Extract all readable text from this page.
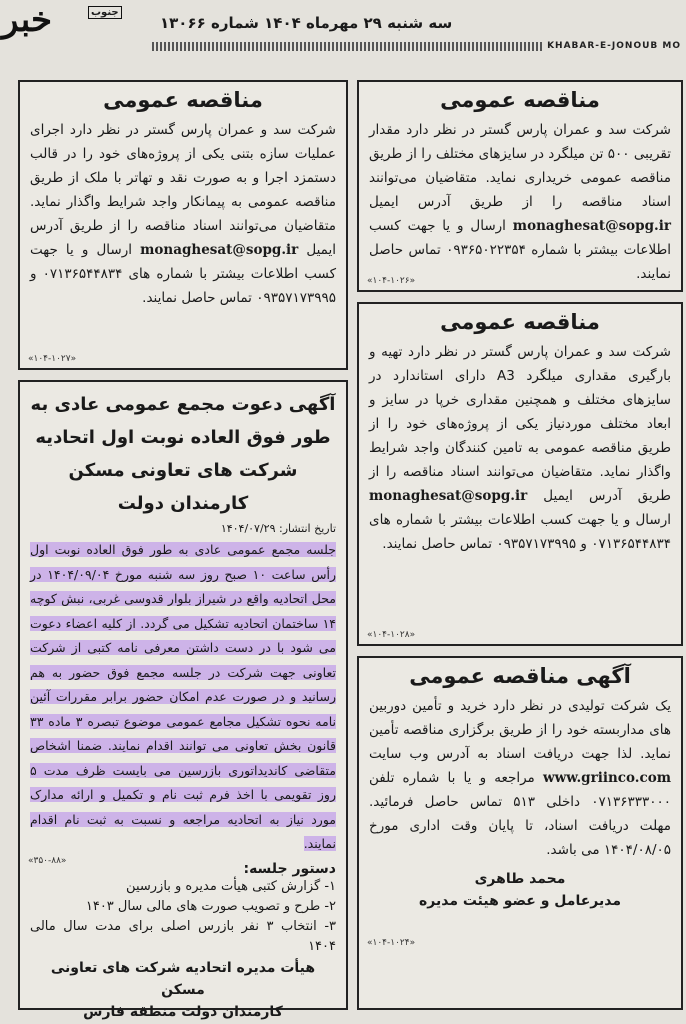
خبر	جنوب
سه شنبه ۲۹ مهرماه ۱۴۰۴ شماره ۱۳۰۶۶
KHABAR-E-JONOUB MO
مناقصه عمومی

شرکت سد و عمران پارس گستر در نظر دارد مقدار تقریبی ۵۰۰ تن میلگرد در سایزهای مختلف را از طریق مناقصه عمومی خریداری نماید. متقاضیان می‌توانند اسناد مناقصه را از طریق آدرس ایمیل monaghesat@sopg.ir ارسال و یا جهت کسب اطلاعات بیشتر با شماره ۰۹۳۶۵۰۲۲۳۵۴ تماس حاصل نمایند.

«۱۰۴-۱۰۲۶»
مناقصه عمومی

شرکت سد و عمران پارس گستر در نظر دارد اجرای عملیات سازه بتنی یکی از پروژه‌های خود را در قالب دستمزد اجرا و به صورت نقد و تهاتر با ملک از طریق مناقصه عمومی به پیمانکار واجد شرایط واگذار نماید. متقاضیان می‌توانند اسناد مناقصه را از طریق آدرس ایمیل monaghesat@sopg.ir ارسال و یا جهت کسب اطلاعات بیشتر با شماره های ۰۷۱۳۶۵۴۴۸۳۴ و ۰۹۳۵۷۱۷۳۹۹۵ تماس حاصل نمایند.

«۱۰۴-۱۰۲۷»
مناقصه عمومی

شرکت سد و عمران پارس گستر در نظر دارد تهیه و بارگیری مقداری میلگرد A3 دارای استاندارد در سایزهای مختلف و همچنین مقداری خرپا در سایز و ابعاد مختلف موردنیاز یکی از پروژه‌های خود را از طریق مناقصه عمومی به تامین کنندگان واجد شرایط واگذار نماید. متقاضیان می‌توانند اسناد مناقصه را از طریق آدرس ایمیل monaghesat@sopg.ir ارسال و یا جهت کسب اطلاعات بیشتر با شماره های ۰۷۱۳۶۵۴۴۸۳۴ و ۰۹۳۵۷۱۷۳۹۹۵ تماس حاصل نمایند.

«۱۰۴-۱۰۲۸»
آگهی دعوت مجمع عمومی عادی به طور فوق العاده نوبت اول اتحادیه شرکت های تعاونی مسکن کارمندان دولت
تاریخ انتشار: ۱۴۰۴/۰۷/۲۹

جلسه مجمع عمومی عادی به طور فوق العاده نوبت اول رأس ساعت ۱۰ صبح روز سه شنبه مورخ ۱۴۰۴/۰۹/۰۴ در محل اتحادیه واقع در شیراز بلوار قدوسی غربی، نبش کوچه ۱۴ ساختمان اتحادیه تشکیل می گردد. از کلیه اعضاء دعوت می شود با در دست داشتن معرفی نامه کتبی از شرکت تعاونی جهت شرکت در جلسه مجمع فوق حضور به هم رسانید و در صورت عدم امکان حضور برابر مقررات آئین نامه نحوه تشکیل مجامع عمومی موضوع تبصره ۳ ماده ۳۳ قانون بخش تعاونی می توانند اقدام نمایند. ضمنا اشخاص متقاضی کاندیداتوری بازرسین می بایست ظرف مدت ۵ روز تقویمی با اخذ فرم ثبت نام و تکمیل و ارائه مدارک مورد نیاز به اتحادیه مراجعه و نسبت به ثبت نام اقدام نمایند.

دستور جلسه:

۱- گزارش کتبی هیأت مدیره و بازرسین

۲- طرح و تصویب صورت های مالی سال ۱۴۰۳

۳- انتخاب ۳ نفر بازرس اصلی برای مدت سال مالی ۱۴۰۴

هیأت مدیره اتحادیه شرکت های تعاونی مسکن
کارمندان دولت منطقه فارس
«۳۵۰-۸۸»
آگهی مناقصه عمومی

یک شرکت تولیدی در نظر دارد خرید و تأمین دوربین های مداربسته خود را از طریق برگزاری مناقصه تأمین نماید. لذا جهت دریافت اسناد به آدرس وب سایت www.griinco.com مراجعه و یا با شماره تلفن ۰۷۱۳۶۳۳۳۰۰۰ داخلی ۵۱۳ تماس حاصل فرمائید. مهلت دریافت اسناد، تا پایان وقت اداری مورخ ۱۴۰۴/۰۸/۰۵ می باشد.

محمد طاهری
مدیرعامل و عضو هیئت مدیره
«۱۰۴-۱۰۲۴»
